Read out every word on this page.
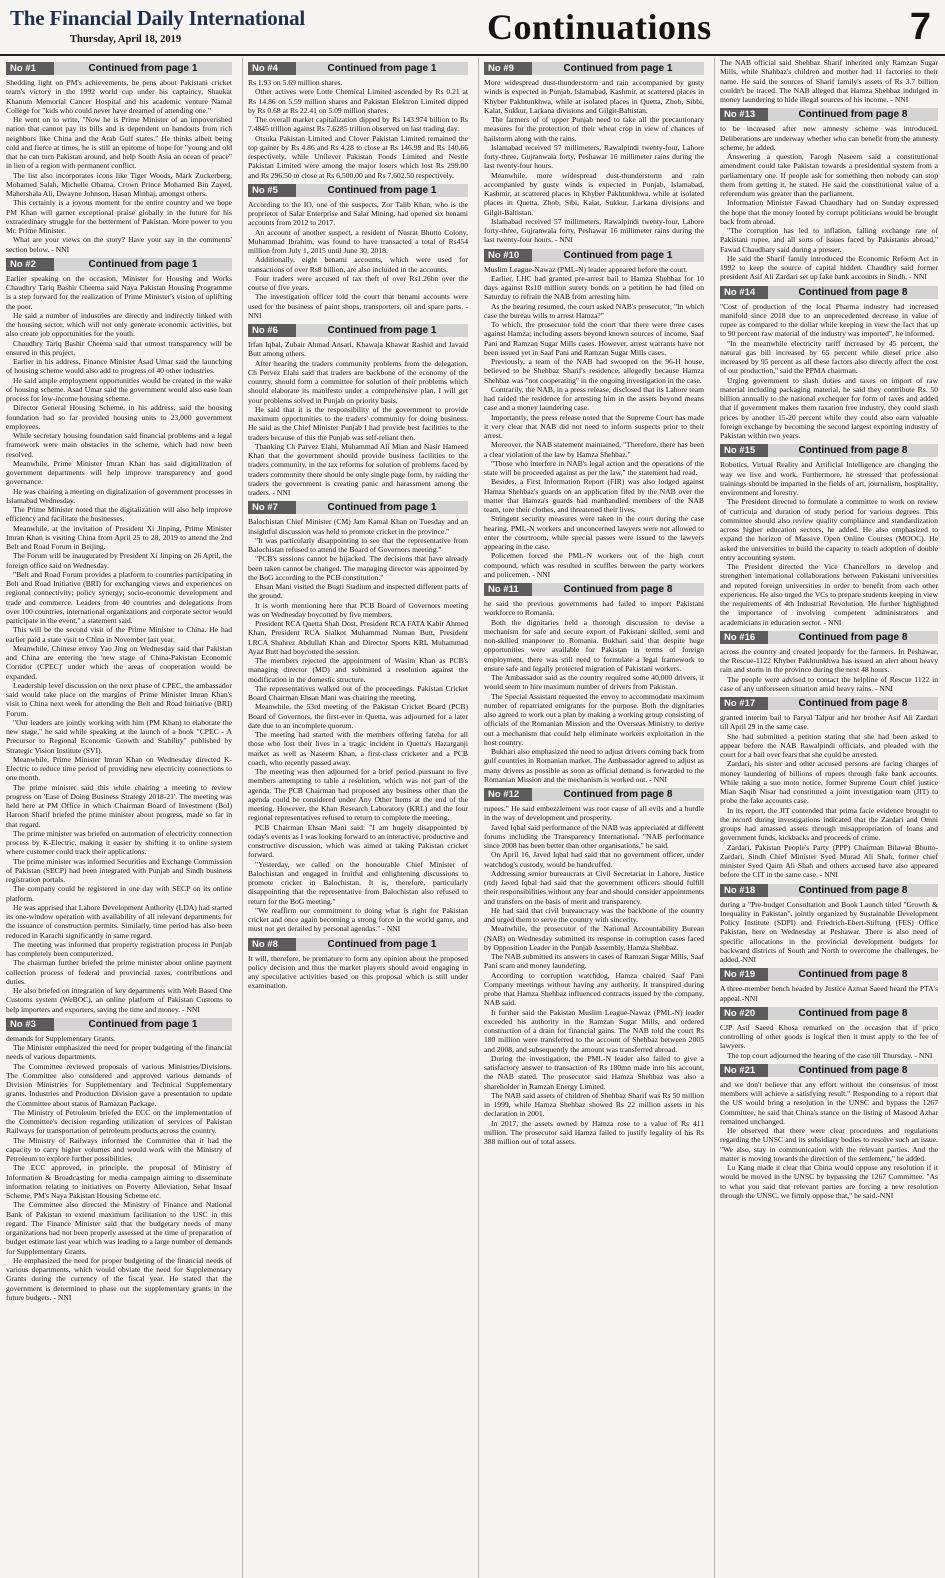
The Financial Daily International
Thursday, April 18, 2019	Continuations	7
No #1	Continued from page 1

Shedding light on PM's achievements, he pens about Pakistani cricket team's victory in the 1992 world cup under his captaincy, Shaukat Khanum Memorial Cancer Hospital and his academic venture Namal College for "kids who could never have dreamed of attending one."

He went on to write, "Now he is Prime Minister of an impoverished nation that cannot pay its bills and is dependent on handouts from rich neighbors like China and the Arab Gulf states." He thinks albeit being cold and fierce at times, he is still an epitome of hope for "young and old that he can turn Pakistan around, and help South Asia an ocean of peace" in lieu of a region with permanent conflict.

The list also incorporates icons like Tiger Woods, Mark Zuckerberg, Mohamed Salah, Michelle Obama, Crown Prince Mohamed Bin Zayed, Mahershala Ali, Dwayne Johnson, Hasan Minhaj, amongst others.

This certainly is a joyous moment for the entire country and we hope PM Khan will garner exceptional praise globally in the future for his extraordinary struggle for the betterment of Pakistan. More power to you Mr. Prime Minister.

What are your views on the story? Have your say in the comments' section below. - NNI

No #2	Continued from page 1

Earlier speaking on the occasion, Minister for Housing and Works Chaudhry Tariq Bashir Cheema said Naya Pakistan Housing Programme is a step forward for the realization of Prime Minister's vision of uplifting the poor.

He said a number of industries are directly and indirectly linked with the housing sector, which will not only generate economic activities, but also create job opportunities for the youth.

Chaudhry Tariq Bashir Cheema said that utmost transparency will be ensured in this project.

Earlier in his address, Finance Minister Asad Umar said the launching of housing scheme would also add to progress of 40 other industries.

He said ample employment opportunities would be created in the wake of housing scheme. Asad Umar said the government would also ease loan process for low-income housing scheme.

Director General Housing Scheme, in his address, said the housing foundation had so far provided housing units to 23,000 government employees.

While secretary housing foundation said financial problems and a legal framework were main obstacles in the scheme, which had now been resolved.

Meanwhile, Prime Minister Imran Khan has said digitalization of government departments will help improve transparency and good governance.

He was chairing a meeting on digitalization of government processes in Islamabad Wednesday.

The Prime Minister noted that the digitalization will also help improve efficiency and facilitate the businesses.

Meanwhile, at the invitation of President Xi Jinping, Prime Minister Imran Khan is visiting China from April 25 to 28, 2019 to attend the 2nd Belt and Road Forum in Beijing.

The Forum will be inaugurated by President Xi Jinping on 26 April, the foreign office said on Wednesday.

"Belt and Road Forum provides a platform to countries participating in Belt and Road Initiative (BRI) for exchanging views and experiences on regional connectivity; policy synergy; socio-economic development and trade and commerce. Leaders from 40 countries and delegations from over 100 countries, international organizations and corporate sector would participate in the event," a statement said.

This will be the second visit of the Prime Minister to China. He had earlier paid a state visit to China in November last year.

Meanwhile, Chinese envoy Yao Jing on Wednesday said that Pakistan and China are entering the 'new stage of China-Pakistan Economic Corridor (CPEC)' under which the areas of cooperation would be expanded.

Leadership level discussion on the next phase of CPEC, the ambassador said would take place on the margins of Prime Minister Imran Khan's visit to China next week for attending the Belt and Road Initiative (BRI) Forum.

"Our leaders are jointly working with him (PM Khan) to elaborate the new stage," he said while speaking at the launch of a book "CPEC - A Precursor to Regional Economic Growth and Stability" published by Strategic Vision Institute (SVI).

Meanwhile, Prime Minister Imran Khan on Wednesday directed K-Electric to reduce time period of providing new electricity connections to one month.

The prime minister said this while chairing a meeting to review progress on 'Ease of Doing Business Strategy 2018-21'. The meeting was held here at PM Office in which Chairman Board of Investment (BoI) Haroon Sharif briefed the prime minister about progress, made so far in that regard.

The prime minister was briefed on automation of electricity connection process by K-Electric, making it easier by shifting it to online system where customer could track their applications.

The prime minister was informed Securities and Exchange Commission of Pakistan (SECP) had been integrated with Punjab and Sindh business registration portals.

The company could be registered in one day with SECP on its online platform.

He was apprised that Lahore Development Authority (LDA) had started its one-window operation with availability of all relevant departments for the issuance of construction permits. Similarly, time period has also been reduced in Karachi significantly in same regard.

The meeting was informed that property registration process in Punjab has completely been computerized.

The chairman further briefed the prime minister about online payment collection process of federal and provincial taxes, contributions and duties.

He also briefed on integration of key departments with Web Based One Customs system (WeBOC), an online platform of Pakistan Customs to help importers and exporters, saving the time and money. - NNI

No #3	Continued from page 1

demands for Supplementary Grants.

The Minister emphasized the need for proper budgeting of the financial needs of various departments.

The Committee reviewed proposals of various Ministries/Divisions. The Committee also considered and approved various demands of Division Ministries for Supplementary and Technical Supplementary grants. Industries and Production Division gave a presentation to update the Committee about status of Ramazan Package.

The Ministry of Petroleum briefed the ECC on the implementation of the Committee's decision regarding utilization of services of Pakistan Railways for transportation of petroleum products across the country.

The Ministry of Railways informed the Committee that it had the capacity to carry higher volumes and would work with the Ministry of Petroleum to explore further possibilities.

The ECC approved, in principle, the proposal of Ministry of Information & Broadcasting for media campaign aiming to disseminate information relating to initiatives on Poverty Alleviation, Sehat Insaaf Scheme, PM's Naya Pakistan Housing Scheme etc.

The Committee also directed the Ministry of Finance and National Bank of Pakistan to extend maximum facilitation to the USC in this regard. The Finance Minister said that the budgetary needs of many organizations had not been properly assessed at the time of preparation of budget estimate last year which was leading to a large number of demands for Supplementary Grants.

He emphasized the need for proper budgeting of the financial needs of various departments, which would obviate the need for Supplementary Grants during the currency of the fiscal year. He stated that the government is determined to phase out the supplementary grants in the future budgets. - NNI

No #4	Continued from page 1

Rs 1.93 on 5.69 million shares.

Other actives were Lotte Chemical Limited ascended by Rs 0.21 at Rs 14.86 on 5.59 million shares and Pakistan Elektron Limited dipped by Rs 0.68 at Rs 22.41 on 5.09 million shares.

The overall market capitalization dipped by Rs 143.974 billion to Rs 7.4845 trillion against Rs 7.6285 trillion observed on last trading day.

Otsuka Pakistan Limited and Clover Pakistan Limited remained the top gainer by Rs 4.86 and Rs 4.28 to close at Rs 146.98 and Rs 140.66 respectively, while Unilever Pakistan Foods Limited and Nestle Pakistan Limited were among the major losers which lost Rs 299.00 and Rs 296.50 to close at Rs 6,500.00 and Rs 7,602.50 respectively.

No #5	Continued from page 1

According to the IO, one of the suspects, Zor Talib Khan, who is the proprietor of Salar Enterprise and Salar Mining, had opened six benami accounts from 2012 to 2017.

An account of another suspect, a resident of Nusrat Bhutto Colony, Muhammad Ibrahim, was found to have transacted a total of Rs454 million from July 1, 2015 until June 30, 2018.

Additionally, eight benami accounts, which were used for transactions of over Rs8 billion, are also included in the accounts.

Four traders were accused of tax theft of over Rs1.26bn over the course of five years.

The investigation officer told the court that benami accounts were used for the business of paint shops, transporters, oil and spare parts. - NNI

No #6	Continued from page 1

Irfan Iqbal, Zubair Ahmad Ansari, Khawaja Khawar Rashid and Javaid Butt among others.

After hearing the traders community problems from the delegation, Ch Pervez Elahi said that traders are backbone of the economy of the country, should form a committee for solution of their problems which should elaborate its manifesto under a comprehensive plan, I will get your problems solved in Punjab on priority basis.

He said that it is the responsibility of the government to provide maximum opportunities to the traders' community for doing business. He said as the Chief Minister Punjab I had provide best facilities to the traders because of this the Punjab was self-reliant then.

Thanking Ch Parvez Elahi, Muhammad Ali Mian and Nasir Hameed Khan that the government should provide business facilities to the traders community, in the tax reforms for solution of problems faced by traders community there should be only single page form, by raiding the traders the government is creating panic and harassment among the traders. - NNI

No #7	Continued from page 1

Balochistan Chief Minister (CM) Jam Kamal Khan on Tuesday and an insightful discussion was held to promote cricket in the province."

"It was particularly disappointing to see that the representative from Balochistan refused to attend the Board of Governors meeting."

"PCB's sessions cannot be hijacked. The decisions that have already been taken cannot be changed. The managing director was appointed by the BoG according to the PCB constitution."

Ehsan Mani visited the Bugti Stadium and inspected different parts of the ground.

It is worth mentioning here that PCB Board of Governors meeting was on Wednesday boycotted by five members.

President RCA Qaetta Shah Dost, President RCA FATA Kabir Ahmed Khan, President RCA Sialkot Muhammad Numan Butt, President LRCA Shahrez Abdullah Khan and Director Sports KRL Muhammad Ayaz Butt had boycotted the session.

The members rejected the appointment of Wasim Khan as PCB's managing director (MD) and submitted a resolution against the modification in the domestic structure.

The representatives walked out of the proceedings. Pakistan Cricket Board Chairman Ehsan Mani was chairing the meeting.

Meanwhile, the 53rd meeting of the Pakistan Cricket Board (PCB) Board of Governors, the first-ever in Quetta, was adjourned for a later date due to an incomplete quorum.

The meeting had started with the members offering fateha for all those who lost their lives in a tragic incident in Quetta's Hazarganji market as well as Naseem Khan, a first-class cricketer and a PCB coach, who recently passed away.

The meeting was then adjourned for a brief period pursuant to five members attempting to table a resolution, which was not part of the agenda. The PCB Chairman had proposed any business other than the agenda could be considered under Any Other Items at the end of the meeting. However, the Khan Research Laboratory (KRL) and the four regional representatives refused to return to complete the meeting.

PCB Chairman Ehsan Mani said: "I am hugely disappointed by today's events as I was looking forward to an interactive, productive and constructive discussion, which was aimed at taking Pakistan cricket forward.

"Yesterday, we called on the honourable Chief Minister of Balochistan and engaged in fruitful and enlightening discussions to promote cricket in Balochistan. It is, therefore, particularly disappointing that the representative from Balochistan also refused to return for the BoG meeting."

"We reaffirm our commitment to doing what is right for Pakistan cricket and once again becoming a strong force in the world game, and must not get derailed by personal agendas." - NNI

No #8	Continued from page 1

It will, therefore, be premature to form any opinion about the proposed policy decision and thus the market players should avoid engaging in any speculative activities based on this proposal which is still under examination.

No #9	Continued from page 1

More widespread dust-thunderstorm and rain accompanied by gusty winds is expected in Punjab, Islamabad, Kashmir, at scattered places in Khyber Pakhtunkhwa, while at isolated places in Quetta, Zhob, Sibbi, Kalat, Sukkur, Larkana divisions and Gilgit-Baltistan.

The farmers of of upper Punjab need to take all the precautionary measures for the protection of their wheat crop in view of chances of hailstorm along with the rains.

Islamabad received 57 millimeters, Rawalpindi twenty-four, Lahore forty-three, Gujranwala forty, Peshawar 16 millimeter rains during the last twenty-four hours.

Meanwhile, more widespread dust-thunderstorm and rain accompanied by gusty winds is expected in Punjab, Islamabad, Kashmir, at scattered places in Khyber Pakhtunkhwa, while at isolated places in Quetta, Zhob, Sibi, Kalat, Sukkur, Larkana divisions and Gilgit-Baltistan.

Islamabad received 57 millimeters, Rawalpindi twenty-four, Lahore forty-three, Gujranwala forty, Peshawar 16 millimeter rains during the last twenty-four hours. - NNI

No #10	Continued from page 1

Muslim League-Nawaz (PML-N) leader appeared before the court.

Earlier, LHC had granted pre-arrest bail to Hamza Shehbaz for 10 days against Rs10 million surety bonds on a petition he had filed on Saturday to refrain the NAB from arresting him.

As the hearing resumed, the court asked NAB's prosecutor, "In which case the bureau wills to arrest Hamza?"

To which, the prosecutor told the court that there were three cases against Hamza; including assets beyond known sources of income, Saaf Pani and Ramzan Sugar Mills cases. However, arrest warrants have not been issued yet in Saaf Pani and Ramzan Sugar Mills cases.

Previously, a team of the NAB had swooped on the 96-H house, believed to be Shehbaz Sharif's residence, allegedly because Hamza Shehbaz was "not cooperating" in the ongoing investigation in the case.

Contrarily, the NAB, in a press release, disclosed that its Lahore team had raided the residence for arresting him in the assets beyond means case and a money laundering case.

Importantly, the press release noted that the Supreme Court has made it very clear that NAB did not need to inform suspects prior to their arrest.

Moreover, the NAB statement maintained, "Therefore, there has been a clear violation of the law by Hamza Shehbaz."

"Those who interfere in NAB's legal action and the operations of the state will be proceeded against as per the law," the statement had read.

Besides, a First Information Report (FIR) was also lodged against Hamza Shehbaz's guards on an application filed by the NAB over the matter that Hamza's guards had manhandled members of the NAB team, tore their clothes, and threatened their lives.

Stringent security measures were taken in the court during the case hearing. PML-N workers and unconcerned lawyers were not allowed to enter the courtroom, while special passes were issued to the lawyers appearing in the case.

Policemen forced the PML-N workers out of the high court compound, which was resulted in scuffles between the party workers and policemen. - NNI

No #11	Continued from page 8

he said the previous governments had failed to import Pakistani workforce to Romania.

Both the dignitaries held a thorough discussion to devise a mechanism for safe and secure export of Pakistani skilled, semi and non-skilled manpower to Romania. Bukhari said that despite huge opportunities were available for Pakistan in terms of foreign employment, there was still need to formulate a legal framework to ensure safe and legally protected migration of Pakistani workers.

The Ambassador said as the country required some 40,000 drivers, it would seem to hire maximum number of drivers from Pakistan.

The Special Assistant requested the envoy to accommodate maximum number of repatriated emigrants for the purpose. Both the dignitaries also agreed to work out a plan by making a working group consisting of officials of the Romanian Mission and the Overseas Ministry to derive out a mechanism that could help eliminate workers exploitation in the host country.

Bukhari also emphasized the need to adjust drivers coming back from gulf countries in Romanian market. The Ambassador agreed to adjust as many drivers as possible as soon as official demand is forwarded to the Romanian Mission and the mechanism is worked out. - NNI

No #12	Continued from page 8

rupees." He said embezzlement was root cause of all evils and a hurdle in the way of development and prosperity.

Javed Iqbal said performance of the NAB was appreciated at different forums including the Transparency International. "NAB performance since 2008 has been better than other organisations," he said.

On April 16, Javed Iqbal had said that no government officer, under watchdog's custody, would be handcuffed.

Addressing senior bureaucrats at Civil Secretariat in Lahore, Justice (rtd) Javed Iqbal had said that the government officers should fulfill their responsibilities without any fear and should consider appointments and transfers on the basis of merit and transparency.

He had said that civil bureaucracy was the backbone of the country and urged them to serve the country with sincerity.

Meanwhile, the prosecutor of the National Accountability Bureau (NAB) on Wednesday submitted its response in corruption cases faced by Opposition Leader in the Punjab Assembly, Hamza Shehbaz.

The NAB submitted its answers in cases of Ramzan Sugar Mills, Saaf Pani scam and money laundering.

According to corruption watchdog, Hamza chaired Saaf Pani Company meetings without having any authority. It transpired during probe that Hamza Shehbaz influenced contracts issued by the company, NAB said.

It further said the Pakistan Muslim League-Nawaz (PML-N) leader exceeded his authority in the Ramzan Sugar Mills, and ordered construction of a drain for financial gains. The NAB told the court Rs 180 million were transferred to the account of Shehbaz between 2005 and 2008, and subsequently the amount was transferred abroad.

During the investigation, the PML-N leader also failed to give a satisfactory answer to transaction of Rs 180mn made into his account, the NAB stated. The prosecutor said Hamza Shehbaz was also a shareholder in Ramzan Energy Limited.

The NAB said assets of children of Shehbaz Sharif was Rs 50 million in 1999, while Hamza Shehbaz showed Rs 22 million assets in his declaration in 2001.

In 2017, the assets owned by Hamza rose to a value of Rs 411 million. The prosecutor said Hamza failed to justify legality of his Rs 388 million out of total assets.

The NAB official said Shehbaz Sharif inherited only Ramzan Sugar Mills, while Shahbaz's children and mother had 11 factories to their name. He said the sources of Sharif family's assets of Rs 3.7 billion couldn't be traced. The NAB alleged that Hamza Shehbaz indulged in money laundering to hide illegal sources of his income. - NNI

No #13	Continued from page 8

to be increased after new amnesty scheme was introduced. Deliberations are underway whether who can benefit from the amnesty scheme, he added.

Answering a question, Farogh Naseem said a constitutional amendment could take Pakistan towards a presidential system from a parliamentary one. If people ask for something then nobody can stop them from getting it, he stated. He said the constitutional value of a referendum was greater than the parliament.

Information Minister Fawad Chaudhary had on Sunday expressed the hope that the money looted by corrupt politicians would be brought back from abroad.

"The corruption has led to inflation, falling exchange rate of Pakistani rupee, and all sorts of issues faced by Pakistanis abroad," Fawad Chaudhary said during a presser.

He said the Sharif family introduced the Economic Reform Act in 1992 to keep the source of capital hidden. Chaudhry said former president Asif Ali Zardari set up fake bank accounts in Sindh. - NNI

No #14	Continued from page 8

"Cost of production of the local Pharma industry had increased manifold since 2018 due to an unprecedented decrease in value of rupee as compared to the dollar while keeping in view the fact that up to 90 percent raw material of the industry was imported", he informed.

"In the meanwhile electricity tariff increased by 45 percent, the natural gas bill increased by 65 percent while diesel price also increased by 95 percent as all these factors also directly affect the cost of our production," said the PPMA chairman.

Urging government to slash duties and taxes on import of raw material including packaging material, he said they contribute Rs. 50 billion annually to the national exchequer for form of taxes and added that if government makes them taxation free industry, they could slash prices by another 15-20 percent while they could also earn valuable foreign exchange by becoming the second largest exporting industry of Pakistan within two years.

No #15	Continued from page 8

Robotics, Virtual Reality and Artificial Intelligence are changing the way we live and work. Furthermore, he stressed that professional trainings should be imparted in the fields of art, journalism, hospitality, environment and forestry.

The President directed to formulate a committee to work on review of curricula and duration of study period for various degrees. This committee should also review quality compliance and standardization across higher education sectors, he added. He also emphasized to expand the horizon of Massive Open Online Courses (MOOC). He asked the universities to build the capacity to teach adoption of double entry accounting system.

The President directed the Vice Chancellors to develop and strengthen international collaborations between Pakistani universities and reputed foreign universities in order to benefit from each other experiences. He also urged the VCs to prepare students keeping in view the requirements of 4th Industrial Revolution. He further highlighted the importance of involving competent administrators and academicians in education sector. - NNI

No #16	Continued from page 8

across the country and created jeopardy for the farmers. In Peshawar, the Rescue-1122 Khyber Pakhtunkhwa has issued an alert about heavy rain and storm in the province during the next 48 hours.

The people were advised to contact the helpline of Rescue 1122 in case of any unforeseen situation amid heavy rains. - NNI

No #17	Continued from page 8

granted interim bail to Faryal Talpur and her brother Asif Ali Zardari till April 29 in the same case.

She had submitted a petition stating that she had been asked to appear before the NAB Rawalpindi officials, and pleaded with the court for a bail over fears that she could be arrested.

Zardari, his sister and other accused persons are facing charges of money laundering of billions of rupees through fake bank accounts. While taking a suo moto notice, former Supreme Court chief justice Mian Saqib Nisar had constituted a joint investigation team (JIT) to probe the fake accounts case.

In its report, the JIT contended that prima facie evidence brought to the record during investigations indicated that the Zardari and Omni groups had amassed assets through misappropriation of loans and government funds, kickbacks and proceeds of crime.

Zardari, Pakistan People's Party (PPP) Chairman Bilawal Bhutto-Zardari, Sindh Chief Minister Syed Murad Ali Shah, former chief minister Syed Qaim Ali Shah and others accused have also appeared before the CIT in the same case. - NNI

No #18	Continued from page 8

during a "Pre-budget Consultation and Book Launch titled "Growth & Inequality in Pakistan", jointly organized by Sustainable Development Policy Institute (SDPI) and Friedrich-Ebert-Stiftung (FES) Office Pakistan, here on Wednesday at Peshawar. There is also need of specific allocations in the provincial development budgets for backward districts of South and North to overcome the challenges, he added.-NNI

No #19	Continued from page 8

A three-member bench headed by Justice Azmat Saeed heard the PTA's appeal.-NNI

No #20	Continued from page 8

CJP Asif Saeed Khosa remarked on the occasion that if price controlling of other goods is logical then it must apply to the fee of lawyers.

The top court adjourned the hearing of the case till Thursday. - NNI

No #21	Continued from page 8

and we don't believe that any effort without the consensus of most members will achieve a satisfying result." Responding to a report that the US would bring a resolution in the UNSC and bypass the 1267 Committee, he said that China's stance on the listing of Masood Azhar remained unchanged.

He observed that there were clear procedures and regulations regarding the UNSC and its subsidiary bodies to resolve such an issue. "We also, stay in communication with the relevant parties. And the matter is moving towards the direction of the settlement," he added.

Lu Kang made it clear that China would oppose any resolution if it would be moved in the UNSC by bypassing the 1267 Committee. "As to what you said that relevant parties are forcing a new resolution through the UNSC, we firmly oppose that," he said.-NNI
